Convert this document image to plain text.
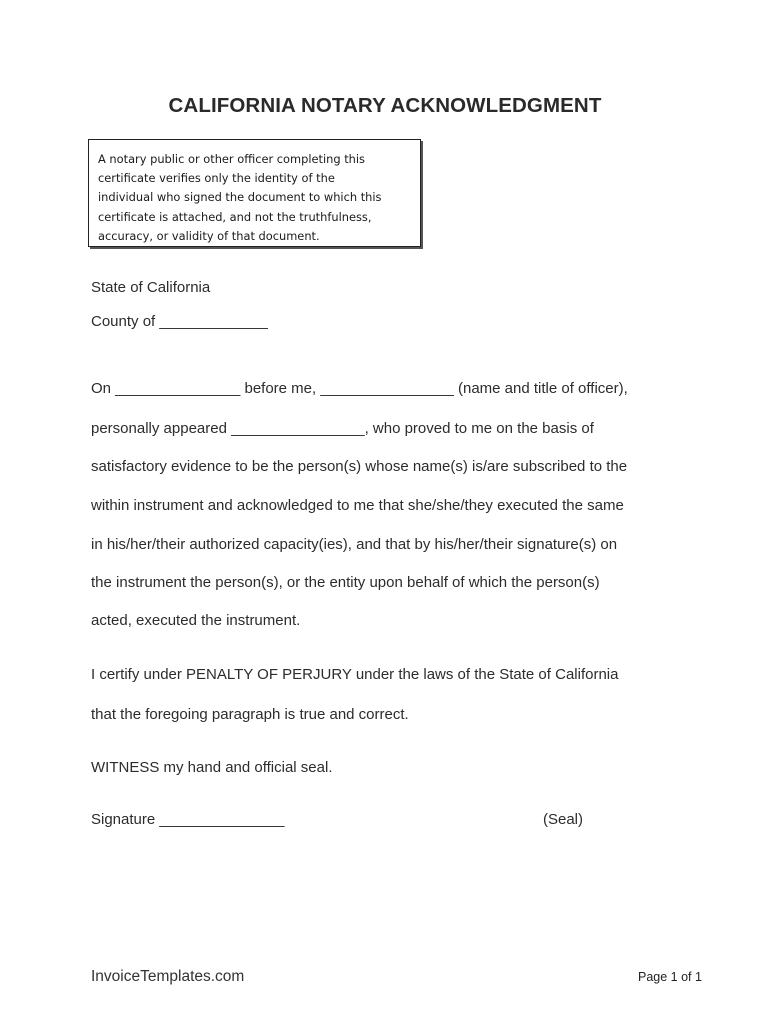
CALIFORNIA NOTARY ACKNOWLEDGMENT
A notary public or other officer completing this
certificate verifies only the identity of the
individual who signed the document to which this
certificate is attached, and not the truthfulness,
accuracy, or validity of that document.
State of California
County of _____________
On _______________ before me, ________________ (name and title of officer),
personally appeared ________________, who proved to me on the basis of
satisfactory evidence to be the person(s) whose name(s) is/are subscribed to the
within instrument and acknowledged to me that she/she/they executed the same
in his/her/their authorized capacity(ies), and that by his/her/their signature(s) on
the instrument the person(s), or the entity upon behalf of which the person(s)
acted, executed the instrument.
I certify under PENALTY OF PERJURY under the laws of the State of California
that the foregoing paragraph is true and correct.
WITNESS my hand and official seal.
Signature _______________	(Seal)
InvoiceTemplates.com	Page 1 of 1
